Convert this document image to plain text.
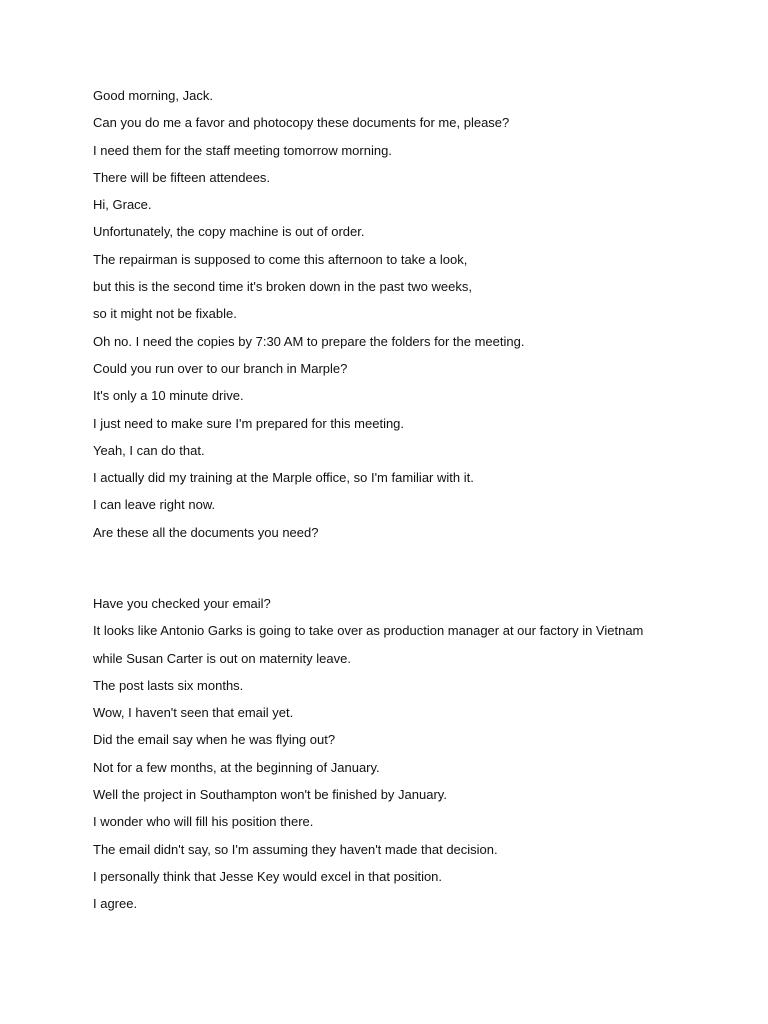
Good morning, Jack.
Can you do me a favor and photocopy these documents for me, please?
I need them for the staff meeting tomorrow morning.
There will be fifteen attendees.
Hi, Grace.
Unfortunately, the copy machine is out of order.
The repairman is supposed to come this afternoon to take a look,
but this is the second time it's broken down in the past two weeks,
so it might not be fixable.
Oh no. I need the copies by 7:30 AM to prepare the folders for the meeting.
Could you run over to our branch in Marple?
It's only a 10 minute drive.
I just need to make sure I'm prepared for this meeting.
Yeah, I can do that.
I actually did my training at the Marple office, so I'm familiar with it.
I can leave right now.
Are these all the documents you need?
Have you checked your email?
It looks like Antonio Garks is going to take over as production manager at our factory in Vietnam
while Susan Carter is out on maternity leave.
The post lasts six months.
Wow, I haven't seen that email yet.
Did the email say when he was flying out?
Not for a few months, at the beginning of January.
Well the project in Southampton won't be finished by January.
I wonder who will fill his position there.
The email didn't say, so I'm assuming they haven't made that decision.
I personally think that Jesse Key would excel in that position.
I agree.
